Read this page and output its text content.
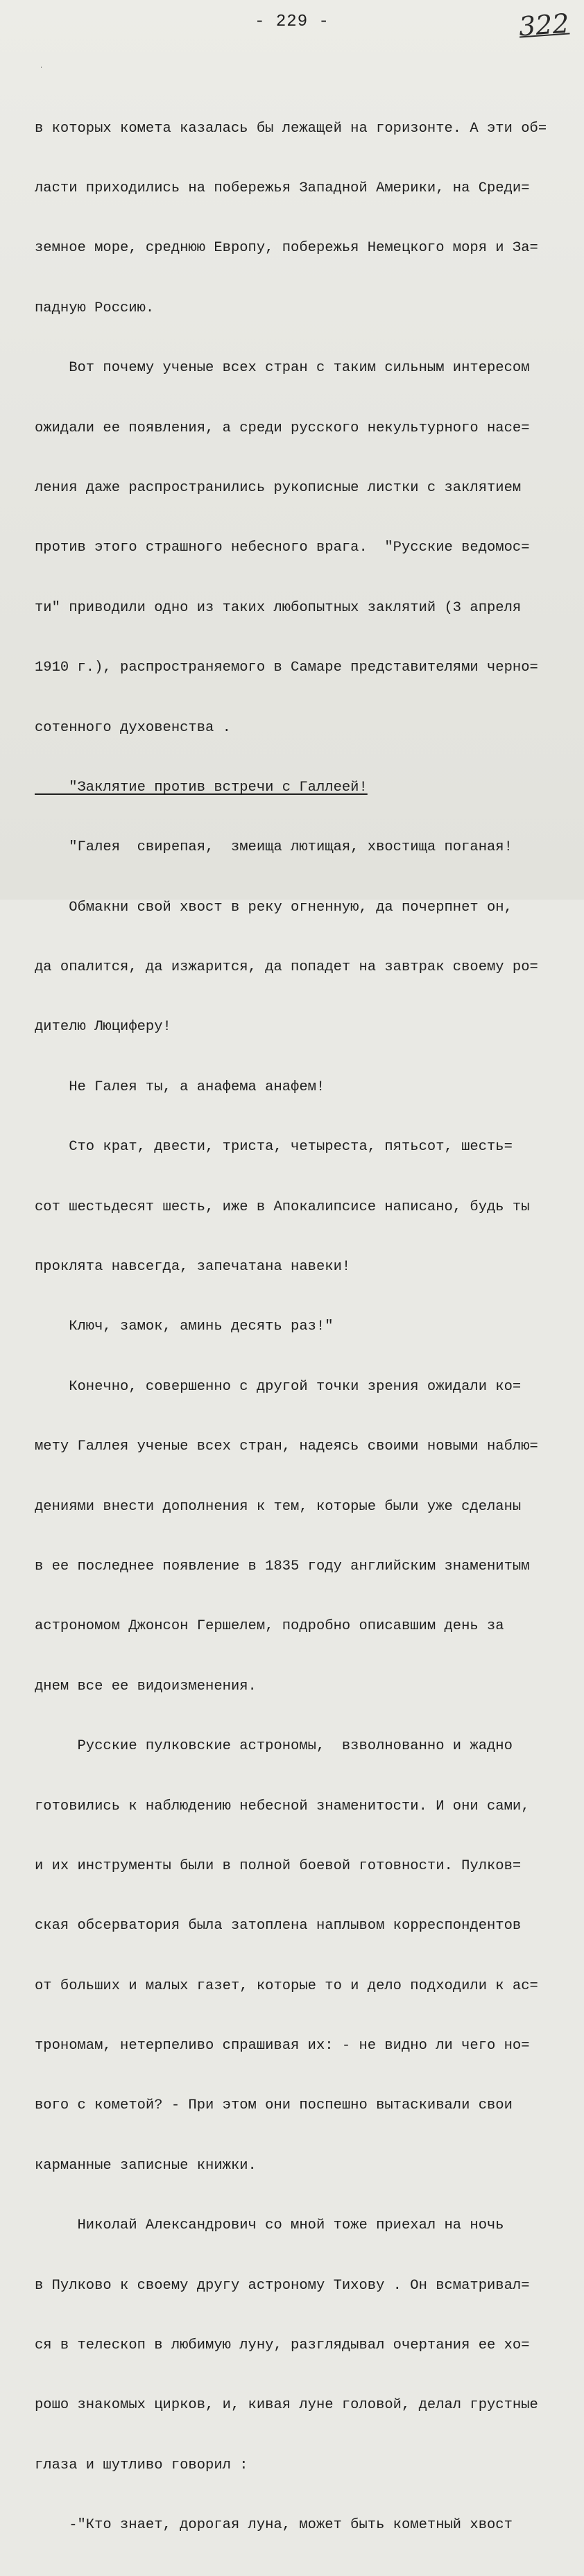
- 229 -	322
ˈ

в которых комета казалась бы лежащей на горизонте. А эти об=

ласти приходились на побережья Западной Америки, на Среди=

земное море, среднюю Европу, побережья Немецкого моря и За=

падную Россию.

Вот почему ученые всех стран с таким сильным интересом

ожидали ее появления, а среди русского некультурного насе=

ления даже распространились рукописные листки с заклятием

против этого страшного небесного врага.  "Русские ведомос=

ти" приводили одно из таких любопытных заклятий (3 апреля

1910 г.), распространяемого в Самаре представителями черно=

сотенного духовенства .

"Заклятие против встречи с Галлеей!

"Галея  свирепая,  змеища лютищая, хвостища поганая!

Обмакни свой хвост в реку огненную, да почерпнет он,

да опалится, да изжарится, да попадет на завтрак своему ро=

дителю Люциферу!

Не Галея ты, а анафема анафем!

Сто крат, двести, триста, четыреста, пятьсот, шесть=

сот шестьдесят шесть, иже в Апокалипсисе написано, будь ты

проклята навсегда, запечатана навеки!

Ключ, замок, аминь десять раз!"

Конечно, совершенно с другой точки зрения ожидали ко=

мету Галлея ученые всех стран, надеясь своими новыми наблю=

дениями внести дополнения к тем, которые были уже сделаны

в ее последнее появление в 1835 году английским знаменитым

астрономом Джонсон Гершелем, подробно описавшим день за

днем все ее видоизменения.

Русские пулковские астрономы,  взволнованно и жадно

готовились к наблюдению небесной знаменитости. И они сами,

и их инструменты были в полной боевой готовности. Пулков=

ская обсерватория была затоплена наплывом корреспондентов

от больших и малых газет, которые то и дело подходили к ас=

трономам, нетерпеливо спрашивая их: - не видно ли чего но=

вого с кометой? - При этом они поспешно вытаскивали свои

карманные записные книжки.

Николай Александрович со мной тоже приехал на ночь

в Пулково к своему другу астроному Тихову . Он всматривал=

ся в телескоп в любимую луну, разглядывал очертания ее хо=

рошо знакомых цирков, и, кивая луне головой, делал грустные

глаза и шутливо говорил :

-"Кто знает, дорогая луна, может быть кометный хвост
